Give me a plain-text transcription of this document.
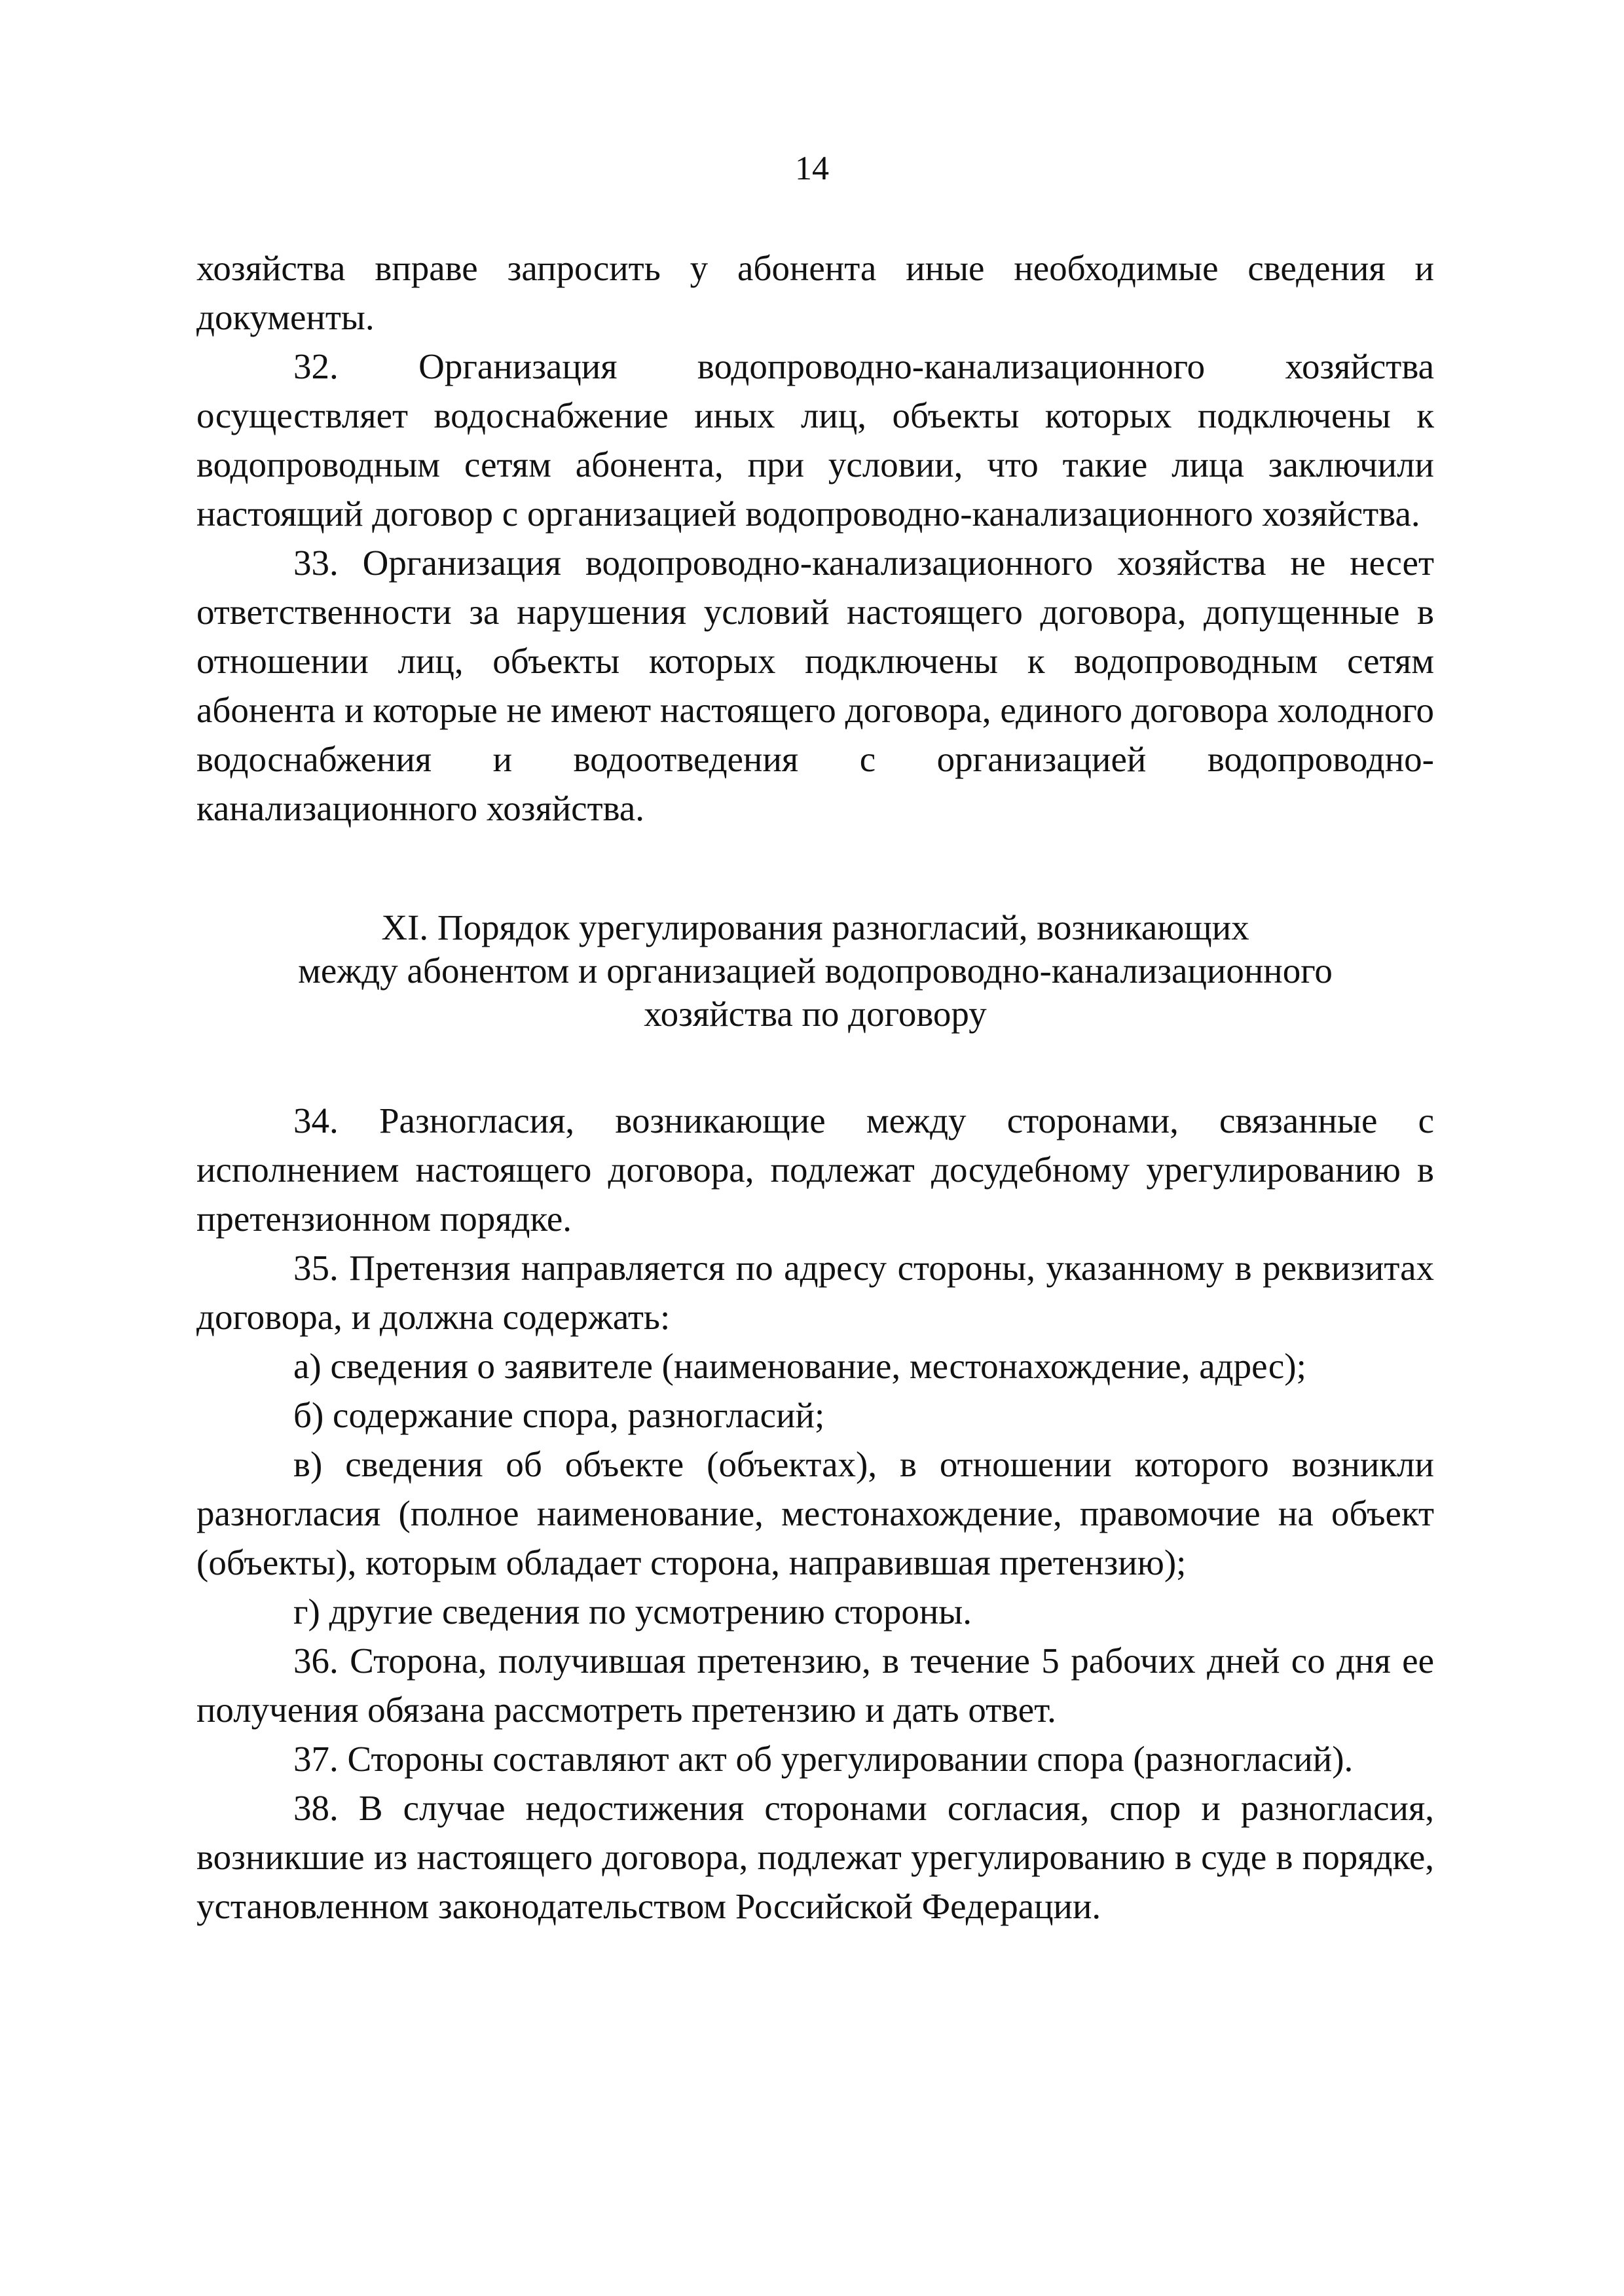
14

хозяйства вправе запросить у абонента иные необходимые сведения и документы.

32. Организация водопроводно-канализационного хозяйства осуществляет водоснабжение иных лиц, объекты которых подключены к водопроводным сетям абонента, при условии, что такие лица заключили настоящий договор с организацией водопроводно-канализационного хозяйства.

33. Организация водопроводно-канализационного хозяйства не несет ответственности за нарушения условий настоящего договора, допущенные в отношении лиц, объекты которых подключены к водопроводным сетям абонента и которые не имеют настоящего договора, единого договора холодного водоснабжения и водоотведения с организацией водопроводно-канализационного хозяйства.

XI. Порядок урегулирования разногласий, возникающих
между абонентом и организацией водопроводно-канализационного
хозяйства по договору

34. Разногласия, возникающие между сторонами, связанные с исполнением настоящего договора, подлежат досудебному урегулированию в претензионном порядке.

35. Претензия направляется по адресу стороны, указанному в реквизитах договора, и должна содержать:

а) сведения о заявителе (наименование, местонахождение, адрес);

б) содержание спора, разногласий;

в) сведения об объекте (объектах), в отношении которого возникли разногласия (полное наименование, местонахождение, правомочие на объект (объекты), которым обладает сторона, направившая претензию);

г) другие сведения по усмотрению стороны.

36. Сторона, получившая претензию, в течение 5 рабочих дней со дня ее получения обязана рассмотреть претензию и дать ответ.

37. Стороны составляют акт об урегулировании спора (разногласий).

38. В случае недостижения сторонами согласия, спор и разногласия, возникшие из настоящего договора, подлежат урегулированию в суде в порядке, установленном законодательством Российской Федерации.
